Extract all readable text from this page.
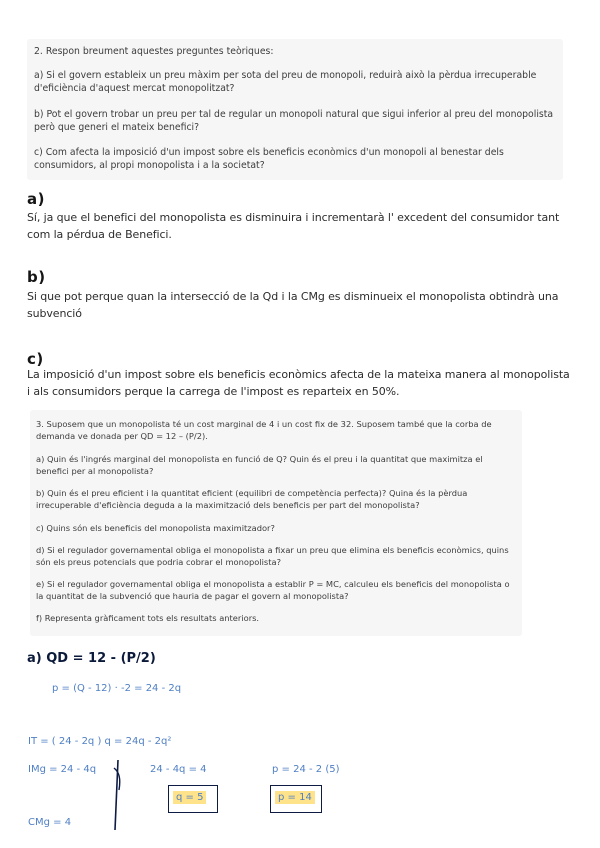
2. Respon breument aquestes preguntes teòriques:

a) Si el govern estableix un preu màxim per sota del preu de monopoli, reduirà això la pèrdua irrecuperable d'eficiència d'aquest mercat monopolitzat?

b) Pot el govern trobar un preu per tal de regular un monopoli natural que sigui inferior al preu del monopolista però que generi el mateix benefici?

c) Com afecta la imposició d'un impost sobre els beneficis econòmics d'un monopoli al benestar dels consumidors, al propi monopolista i a la societat?

a)
Sí, ja que el benefici del monopolista es disminuira i incrementarà l' excedent del consumidor tant com la pérdua de Benefici.
b)
Si que pot perque quan la intersecció de la Qd i la CMg es disminueix el monopolista obtindrà una subvenció
c)
La imposició d'un impost sobre els beneficis econòmics afecta de la mateixa manera al monopolista i als consumidors perque la carrega de l'impost es reparteix en 50%.

3. Suposem que un monopolista té un cost marginal de 4 i un cost fix de 32. Suposem també que la corba de demanda ve donada per QD = 12 – (P/2).

a) Quin és l'ingrés marginal del monopolista en funció de Q? Quin és el preu i la quantitat que maximitza el benefici per al monopolista?

b) Quin és el preu eficient i la quantitat eficient (equilibri de competència perfecta)? Quina és la pèrdua irrecuperable d'eficiència deguda a la maximització dels beneficis per part del monopolista?

c) Quins són els beneficis del monopolista maximitzador?

d) Si el regulador governamental obliga el monopolista a fixar un preu que elimina els beneficis econòmics, quins són els preus potencials que podria cobrar el monopolista?

e) Si el regulador governamental obliga el monopolista a establir P = MC, calculeu els beneficis del monopolista o la quantitat de la subvenció que hauria de pagar el govern al monopolista?

f) Representa gràficament tots els resultats anteriors.

a) QD = 12 - (P/2)
p = (Q - 12) · -2 = 24 - 2q
IT = ( 24 - 2q ) q = 24q - 2q²
IMg = 24 - 4q	24 - 4q = 4	p = 24 - 2 (5)
CMg = 4
q = 5	p = 14
